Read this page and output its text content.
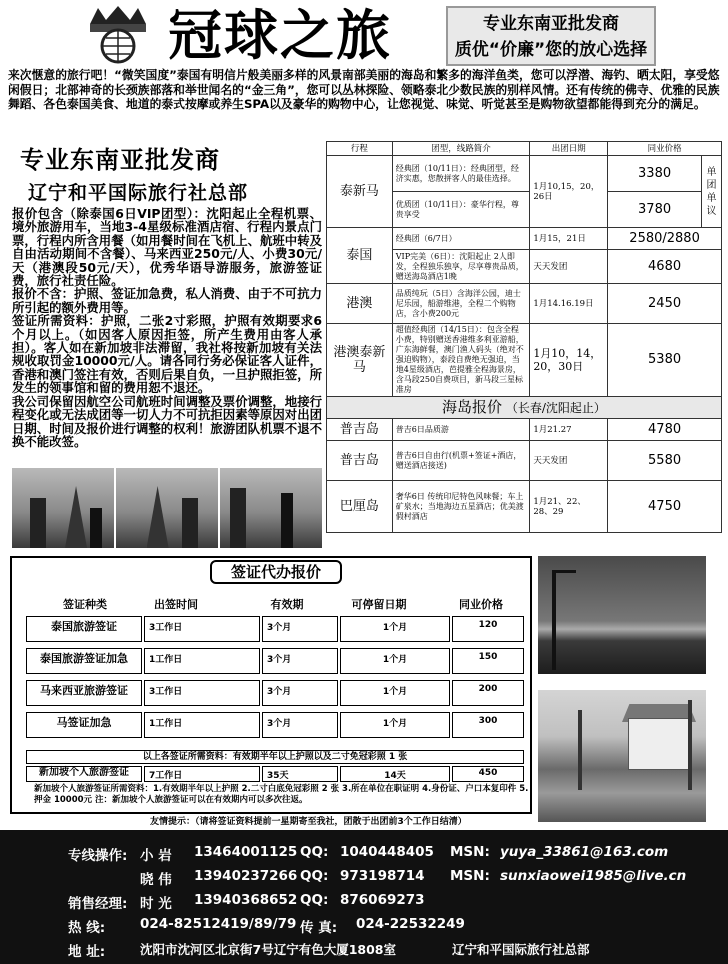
冠球之旅	专业东南亚批发商
质优“价廉”您的放心选择
来次惬意的旅行吧！“微笑国度”泰国有明信片般美丽多样的风景南部美丽的海岛和繁多的海洋鱼类，您可以浮潜、海钓、晒太阳，享受悠闲假日；北部神奇的长颈族部落和举世闻名的“金三角”，您可以丛林探险、领略泰北少数民族的别样风情。还有传统的佛寺、优雅的民族舞蹈、各色泰国美食、地道的泰式按摩或养生SPA以及豪华的购物中心，让您视觉、味觉、听觉甚至是购物欲望都能得到充分的满足。
专业东南亚批发商
辽宁和平国际旅行社总部

报价包含（除泰国6日VIP团型）：沈阳起止全程机票、境外旅游用车，当地3-4星级标准酒店宿、行程内景点门票，行程内所含用餐（如用餐时间在飞机上、航班中转及自由活动期间不含餐）、马来西亚250元/人、小费30元/天（港澳段50元/天），优秀华语导游服务，旅游签证费，旅行社责任险。

报价不含：护照、签证加急费，私人消费、由于不可抗力所引起的额外费用等。

签证所需资料：护照，二张2寸彩照，护照有效期要求6个月以上。（如因客人原因拒签，所产生费用由客人承担）。客人如在新加坡非法滞留，我社将按新加坡有关法规收取罚金10000元/人。请各同行务必保证客人证件，香港和澳门签注有效，否则后果自负，一旦护照拒签，所发生的领事馆和留的费用恕不退还。

我公司保留因航空公司航班时间调整及票价调整，地接行程变化或无法成团等一切人力不可抗拒因素等原因对出团日期、时间及报价进行调整的权利！旅游团队机票不退不换不能改签。

行程	团型，线路简介	出团日期	同业价格	
泰新马	经典团（10/11日）：经典团型，经济实惠，您散拼客人的最佳选择。	1月10,15，20，26日	3380	单团单议
	优质团（10/11日）：豪华行程，尊贵享受		3780	
泰国	经典团（6/7日）	1月15，21日	2580/2880	
	VIP完美（6日）：沈阳起止 2人即发，全程独乐独享，尽享尊贵品质，赠送海岛酒店1晚	天天发团	4680	
港澳	品质纯玩（5日）含海洋公园，迪士尼乐园，船游维港，全程二个购物店，含小费200元	1月14.16.19日	2450	
港澳泰新马	超值经典团（14/15日）：包含全程小费，特别赠送香港维多利亚游船，广东海鲜餐，澳门渔人码头（绝对不强迫购物），泰段自费绝无强迫，当地4星级酒店，芭提雅全程海景房，含马段250自费项目，新马段三星标准房	1月10，14，20，30日	5380	
海岛报价 （长春/沈阳起止）				
普吉岛	普吉6日品质游	1月21.27	4780	
普吉岛	普吉6日自由行(机票+签证+酒店，赠送酒店接送)	天天发团	5580	
巴厘岛	奢华6日 传统印尼特色风味餐；车上矿泉水；当地海边五星酒店；优美渡假村酒店	1月21、22、28、29	4750	
签证代办报价
签证种类	出签时间	有效期	可停留日期	同业价格
泰国旅游签证	3工作日	3个月	1个月	120
泰国旅游签证加急	1工作日	3个月	1个月	150
马来西亚旅游签证	3工作日	3个月	1个月	200
马签证加急	1工作日	3个月	1个月	300
以上各签证所需资料：有效期半年以上护照以及二寸免冠彩照 1 张
新加坡个人旅游签证	7工作日	35天	14天	450
新加坡个人旅游签证所需资料：1.有效期半年以上护照 2.二寸白底免冠彩照 2 张 3.所在单位在职证明 4.身份证、户口本复印件 5.押金 10000元 注：新加坡个人旅游签证可以在有效期内可以多次往返。
友情提示：（请将签证资料提前一星期寄至我社，团散于出团前3个工作日结清）
专线操作: 小 岩 13464001125 QQ: 1040448405 MSN: yuya_33861@163.com
晓 伟 13940237266 QQ: 973198714 MSN: sunxiaowei1985@live.cn
销售经理: 时 光 13940368652 QQ: 876069273
热 线:	024-82512419/89/79 传 真: 024-22532249
地 址:	沈阳市沈河区北京街7号辽宁有色大厦1808室	辽宁和平国际旅行社总部
